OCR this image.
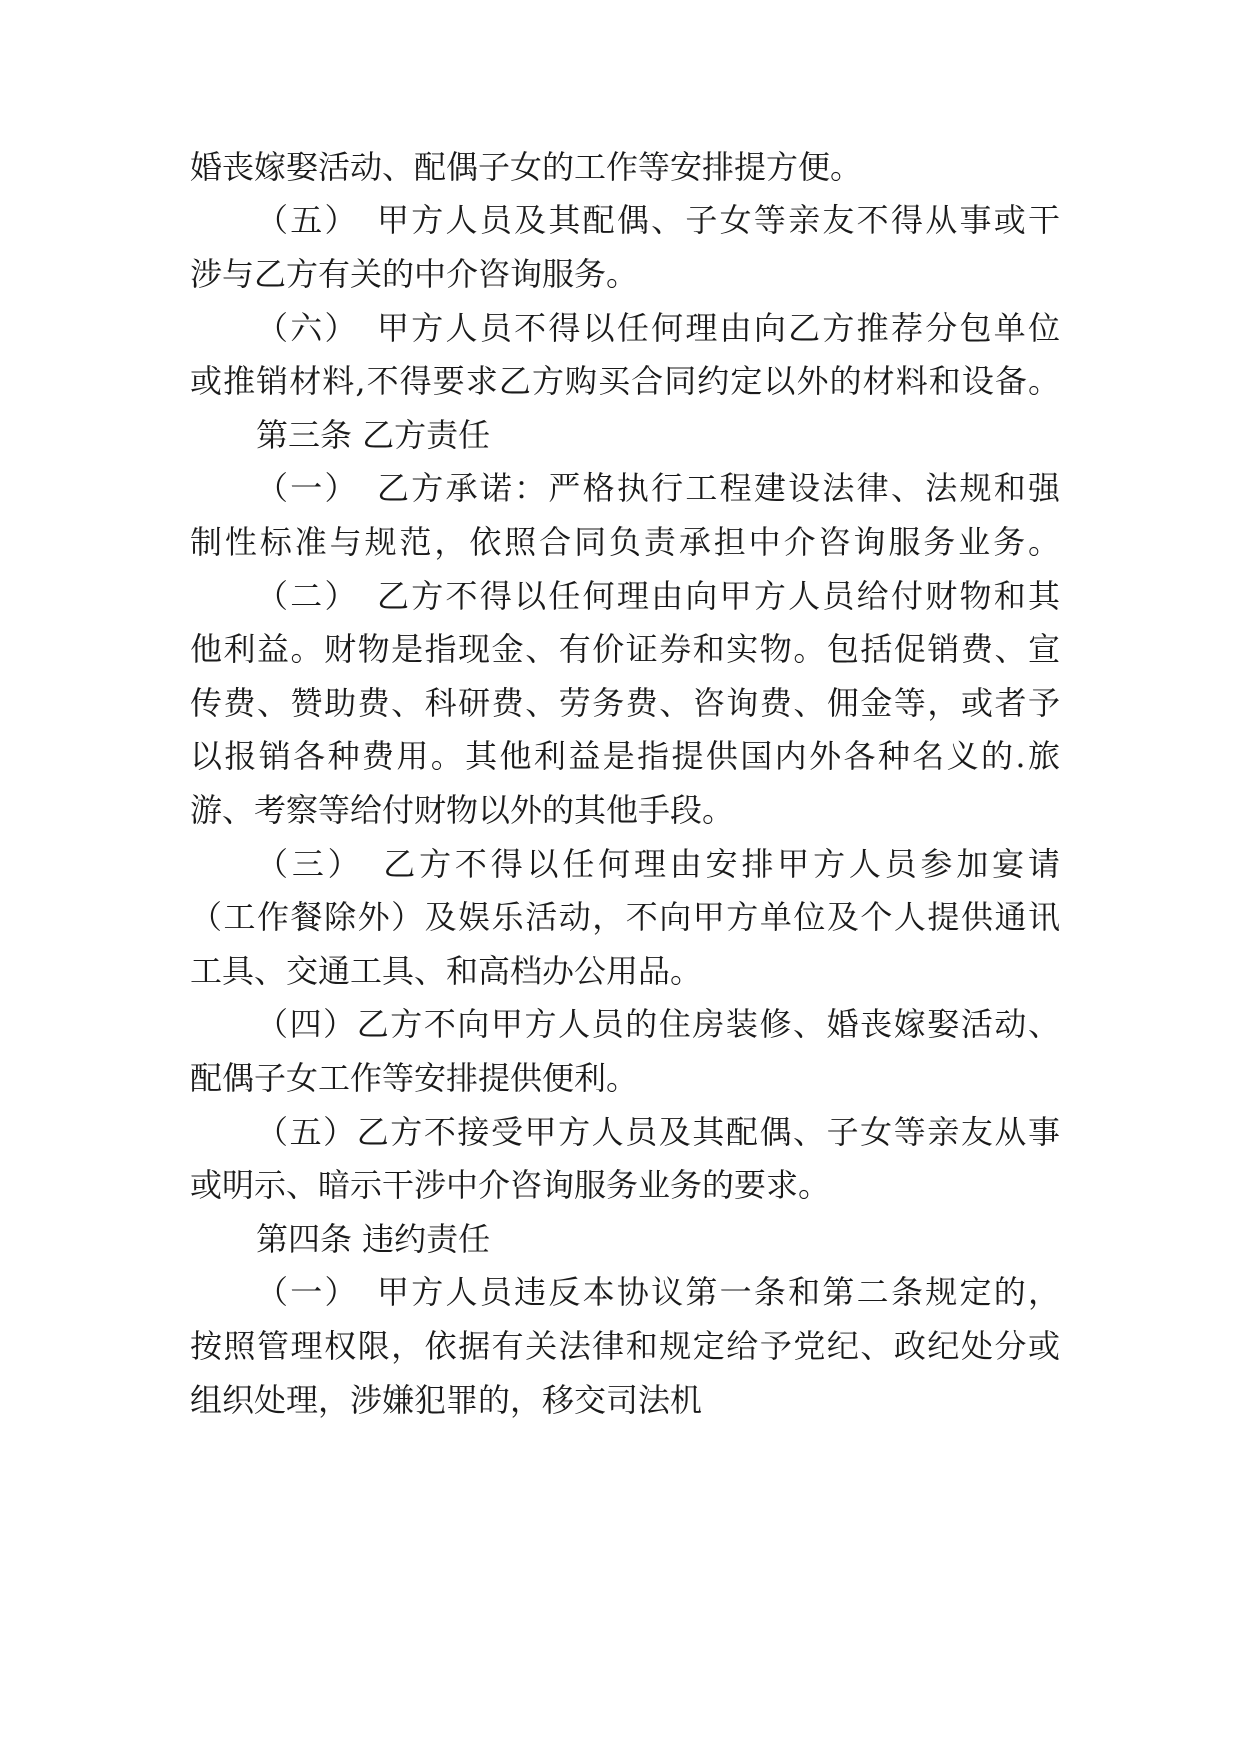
婚丧嫁娶活动、配偶子女的工作等安排提方便。
（五）　甲方人员及其配偶、子女等亲友不得从事或干
涉与乙方有关的中介咨询服务。
（六）　甲方人员不得以任何理由向乙方推荐分包单位
或推销材料,不得要求乙方购买合同约定以外的材料和设备。
第三条 乙方责任
（一）　乙方承诺：严格执行工程建设法律、法规和强
制性标准与规范，依照合同负责承担中介咨询服务业务。
（二）　乙方不得以任何理由向甲方人员给付财物和其
他利益。财物是指现金、有价证券和实物。包括促销费、宣
传费、赞助费、科研费、劳务费、咨询费、佣金等，或者予
以报销各种费用。其他利益是指提供国内外各种名义的.旅
游、考察等给付财物以外的其他手段。
（三）　乙方不得以任何理由安排甲方人员参加宴请
（工作餐除外）及娱乐活动，不向甲方单位及个人提供通讯
工具、交通工具、和高档办公用品。
（四）乙方不向甲方人员的住房装修、婚丧嫁娶活动、
配偶子女工作等安排提供便利。
（五）乙方不接受甲方人员及其配偶、子女等亲友从事
或明示、暗示干涉中介咨询服务业务的要求。
第四条 违约责任
（一）　甲方人员违反本协议第一条和第二条规定的，
按照管理权限，依据有关法律和规定给予党纪、政纪处分或
组织处理，涉嫌犯罪的，移交司法机
